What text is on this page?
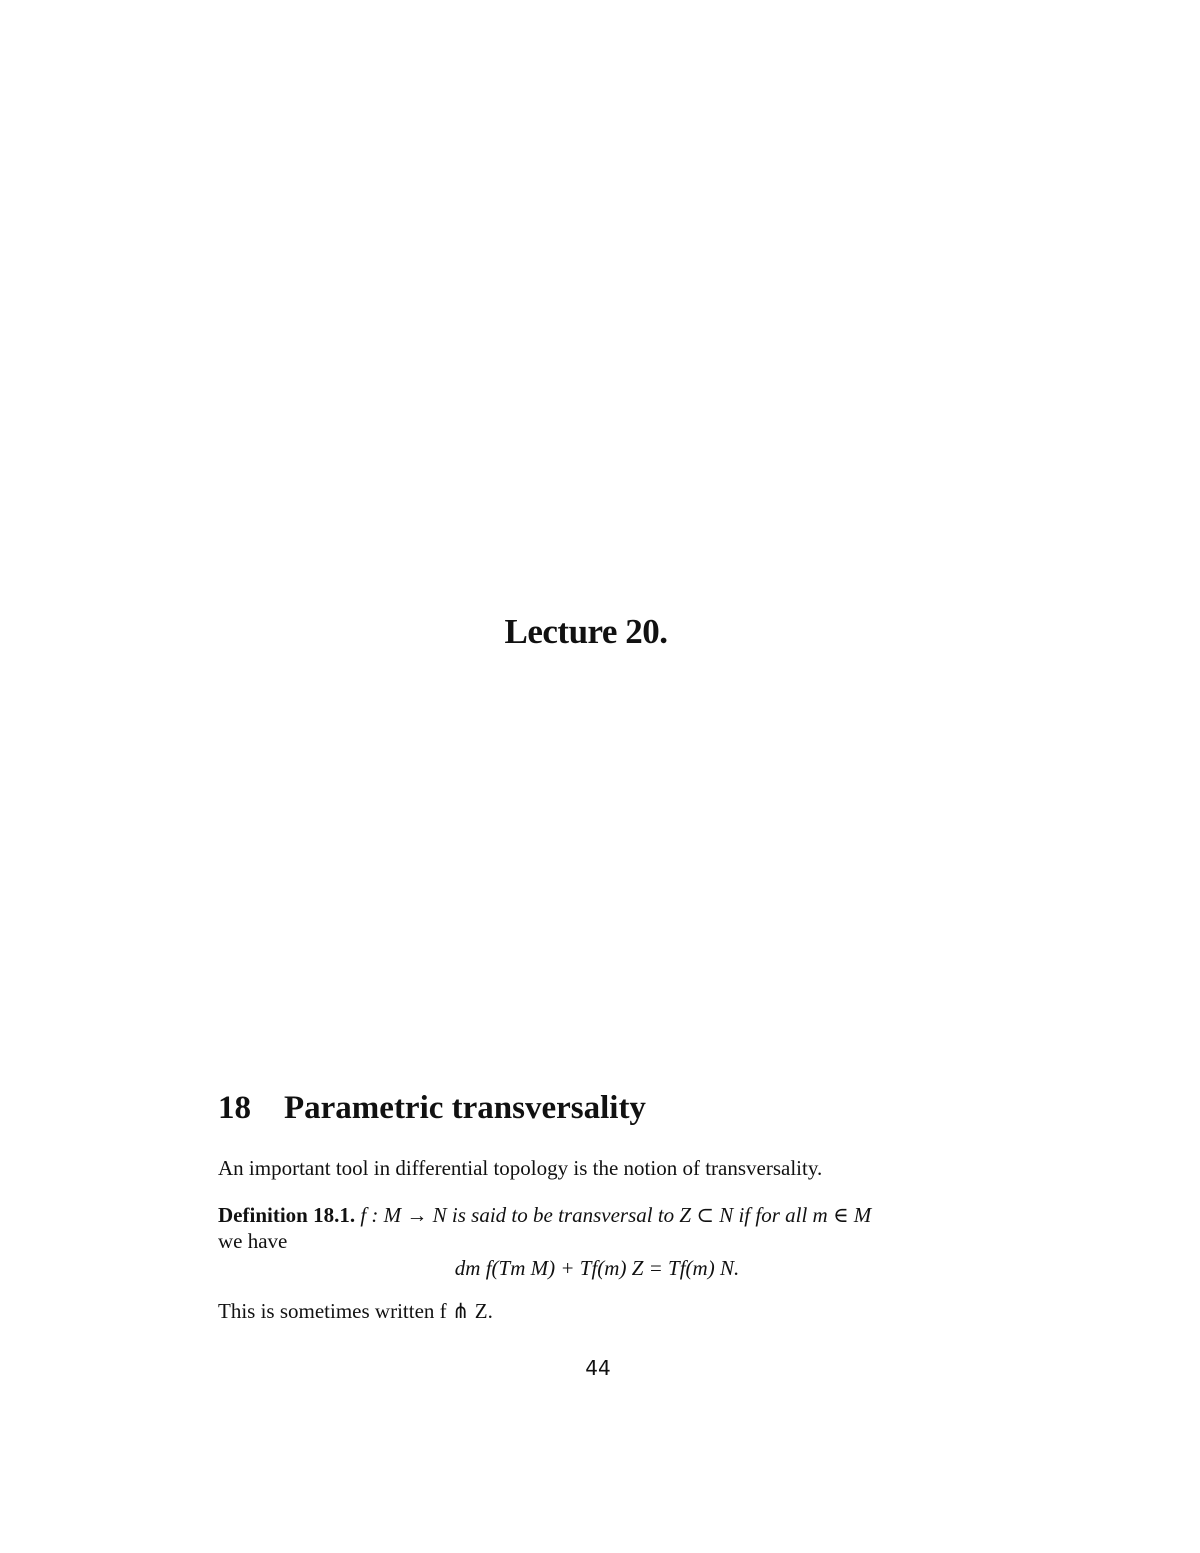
Lecture 20.
18 Parametric transversality
An important tool in differential topology is the notion of transversality.
Definition 18.1. f : M → N is said to be transversal to Z ⊂ N if for all m ∈ M
we have
dm f(Tm M) + Tf(m) Z = Tf(m) N.
This is sometimes written f ⋔ Z.
44
